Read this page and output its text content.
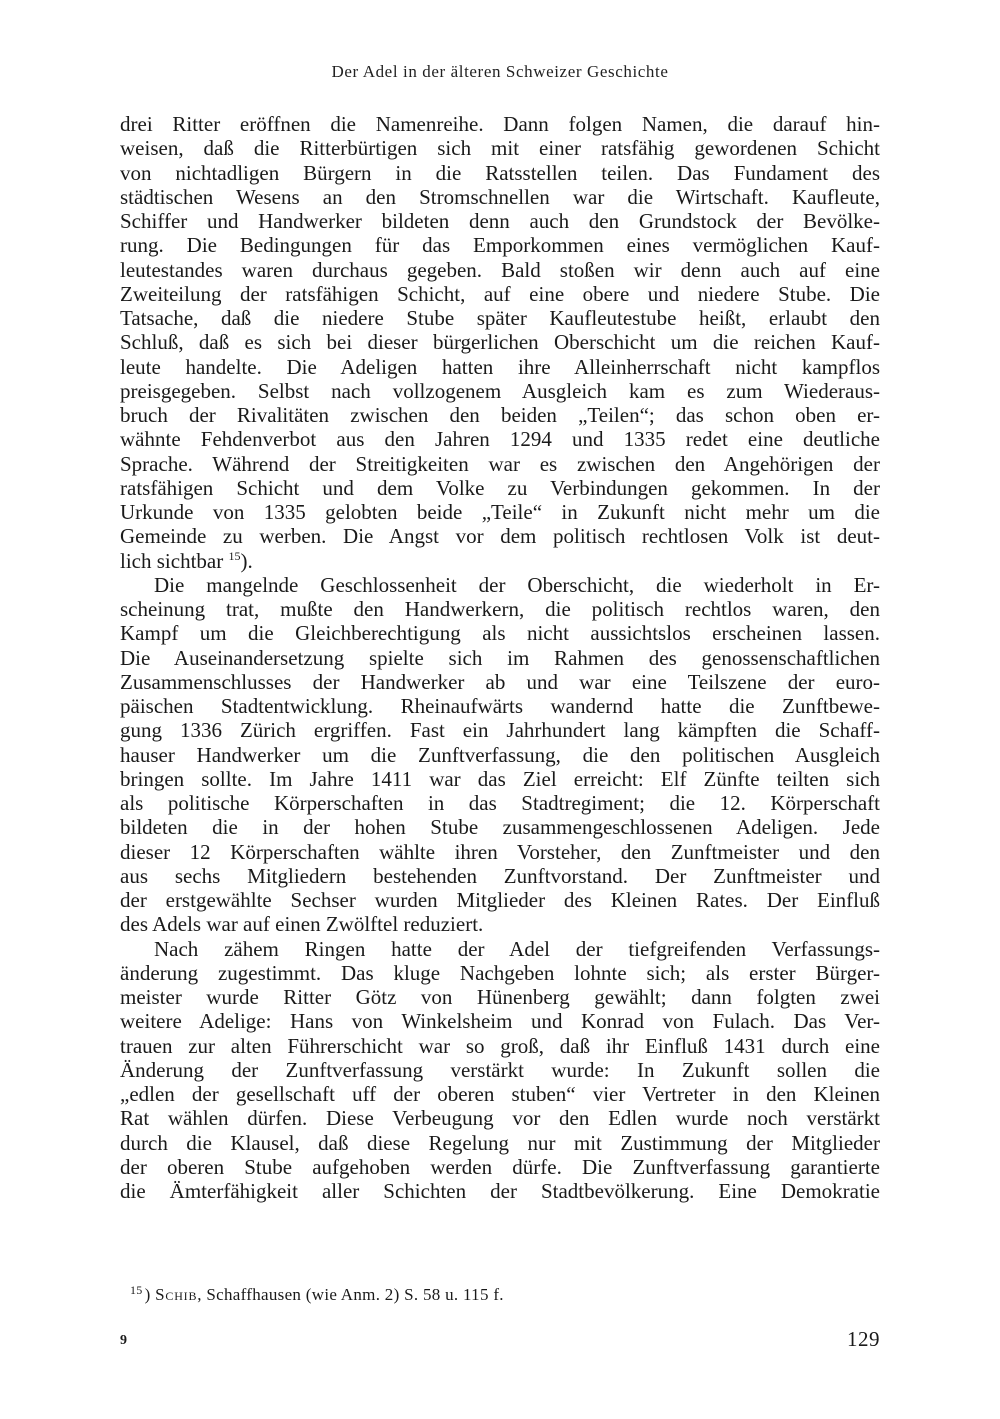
Der Adel in der älteren Schweizer Geschichte
drei Ritter eröffnen die Namenreihe. Dann folgen Namen, die darauf hin-
weisen, daß die Ritterbürtigen sich mit einer ratsfähig gewordenen Schicht
von nichtadligen Bürgern in die Ratsstellen teilen. Das Fundament des
städtischen Wesens an den Stromschnellen war die Wirtschaft. Kaufleute,
Schiffer und Handwerker bildeten denn auch den Grundstock der Bevölke-
rung. Die Bedingungen für das Emporkommen eines vermöglichen Kauf-
leutestandes waren durchaus gegeben. Bald stoßen wir denn auch auf eine
Zweiteilung der ratsfähigen Schicht, auf eine obere und niedere Stube. Die
Tatsache, daß die niedere Stube später Kaufleutestube heißt, erlaubt den
Schluß, daß es sich bei dieser bürgerlichen Oberschicht um die reichen Kauf-
leute handelte. Die Adeligen hatten ihre Alleinherrschaft nicht kampflos
preisgegeben. Selbst nach vollzogenem Ausgleich kam es zum Wiederaus-
bruch der Rivalitäten zwischen den beiden „Teilen“; das schon oben er-
wähnte Fehdenverbot aus den Jahren 1294 und 1335 redet eine deutliche
Sprache. Während der Streitigkeiten war es zwischen den Angehörigen der
ratsfähigen Schicht und dem Volke zu Verbindungen gekommen. In der
Urkunde von 1335 gelobten beide „Teile“ in Zukunft nicht mehr um die
Gemeinde zu werben. Die Angst vor dem politisch rechtlosen Volk ist deut-
lich sichtbar $^{15}$).
Die mangelnde Geschlossenheit der Oberschicht, die wiederholt in Er-
scheinung trat, mußte den Handwerkern, die politisch rechtlos waren, den
Kampf um die Gleichberechtigung als nicht aussichtslos erscheinen lassen.
Die Auseinandersetzung spielte sich im Rahmen des genossenschaftlichen
Zusammenschlusses der Handwerker ab und war eine Teilszene der euro-
päischen Stadtentwicklung. Rheinaufwärts wandernd hatte die Zunftbewe-
gung 1336 Zürich ergriffen. Fast ein Jahrhundert lang kämpften die Schaff-
hauser Handwerker um die Zunftverfassung, die den politischen Ausgleich
bringen sollte. Im Jahre 1411 war das Ziel erreicht: Elf Zünfte teilten sich
als politische Körperschaften in das Stadtregiment; die 12. Körperschaft
bildeten die in der hohen Stube zusammengeschlossenen Adeligen. Jede
dieser 12 Körperschaften wählte ihren Vorsteher, den Zunftmeister und den
aus sechs Mitgliedern bestehenden Zunftvorstand. Der Zunftmeister und
der erstgewählte Sechser wurden Mitglieder des Kleinen Rates. Der Einfluß
des Adels war auf einen Zwölftel reduziert.
Nach zähem Ringen hatte der Adel der tiefgreifenden Verfassungs-
änderung zugestimmt. Das kluge Nachgeben lohnte sich; als erster Bürger-
meister wurde Ritter Götz von Hünenberg gewählt; dann folgten zwei
weitere Adelige: Hans von Winkelsheim und Konrad von Fulach. Das Ver-
trauen zur alten Führerschicht war so groß, daß ihr Einfluß 1431 durch eine
Änderung der Zunftverfassung verstärkt wurde: In Zukunft sollen die
„edlen der gesellschaft uff der oberen stuben“ vier Vertreter in den Kleinen
Rat wählen dürfen. Diese Verbeugung vor den Edlen wurde noch verstärkt
durch die Klausel, daß diese Regelung nur mit Zustimmung der Mitglieder
der oberen Stube aufgehoben werden dürfe. Die Zunftverfassung garantierte
die Ämterfähigkeit aller Schichten der Stadtbevölkerung. Eine Demokratie
$^{15}$ ) Schib, Schaffhausen (wie Anm. 2) S. 58 u. 115 f.
9	129
